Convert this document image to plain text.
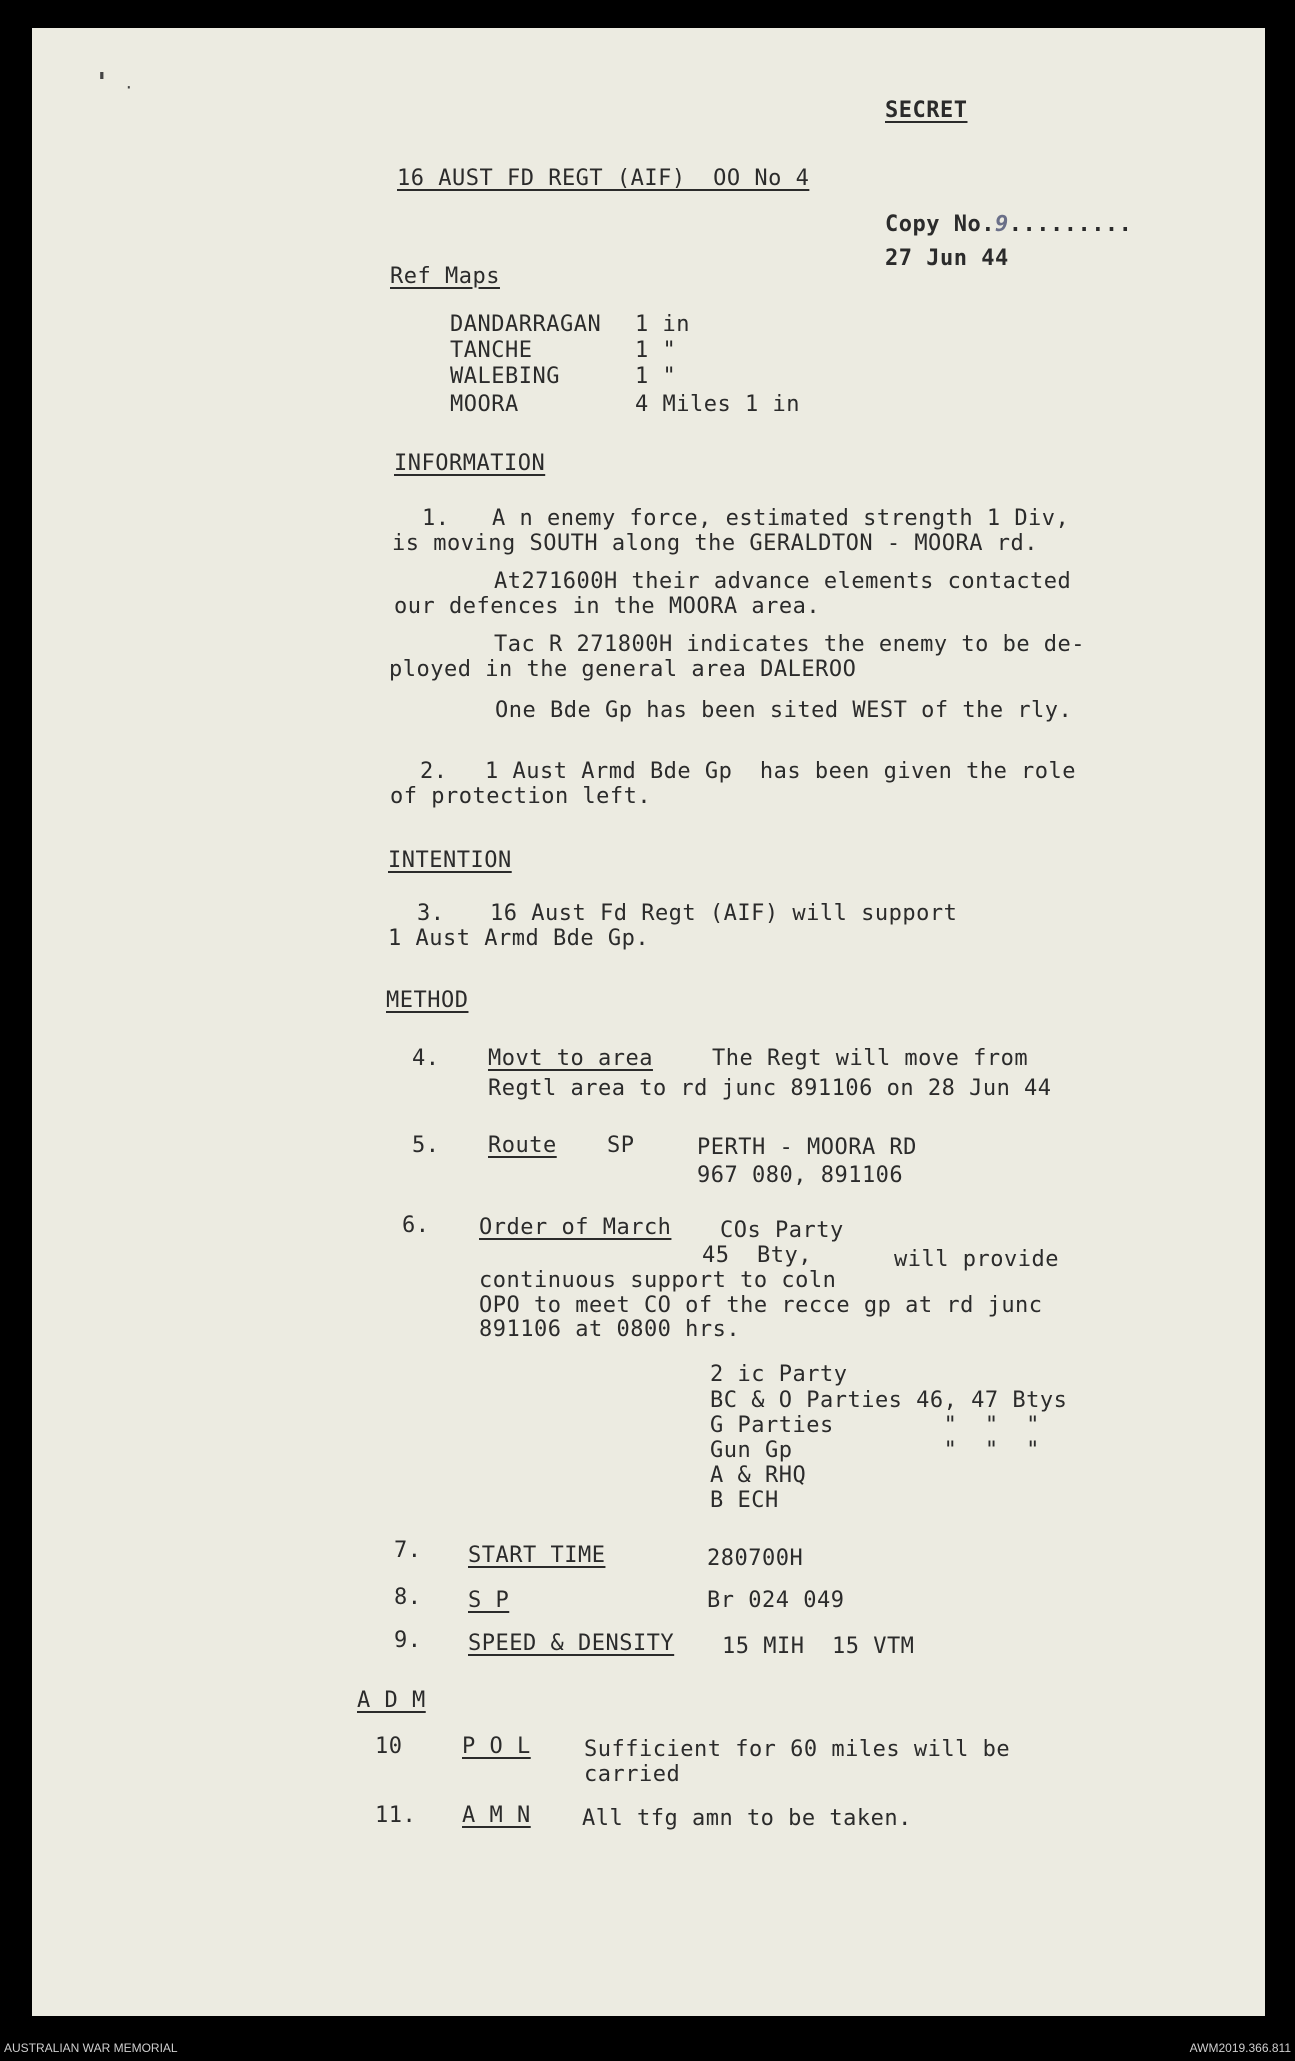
' ·
SECRET
16 AUST FD REGT (AIF)  OO No 4
Copy No.9.........
27 Jun 44
Ref Maps
DANDARRAGAN 1 in
TANCHE	1 "
WALEBING	1 "
MOORA	4 Miles 1 in
INFORMATION
1. A n enemy force, estimated strength 1 Div,
is moving SOUTH along the GERALDTON - MOORA rd.
At271600H their advance elements contacted
our defences in the MOORA area.
Tac R 271800H indicates the enemy to be de-
ployed in the general area DALEROO
One Bde Gp has been sited WEST of the rly.
2. 1 Aust Armd Bde Gp  has been given the role
of protection left.
INTENTION
3. 16 Aust Fd Regt (AIF) will support
1 Aust Armd Bde Gp.
METHOD
4. Movt to area	The Regt will move from
Regtl area to rd junc 891106 on 28 Jun 44
5. Route SP	PERTH - MOORA RD
967 080, 891106
6. Order of March COs Party
45  Bty,	will provide
continuous support to coln
OPO to meet CO of the recce gp at rd junc
891106 at 0800 hrs.
2 ic Party
BC & O Parties 46, 47 Btys
G Parties        "  "  "
Gun Gp           "  "  "
A & RHQ
B ECH
7. START TIME	280700H
8. S P	Br 024 049
9. SPEED & DENSITY 15 MIH  15 VTM
A D M
10	P O L Sufficient for 60 miles will be
carried
11. A M N All tfg amn to be taken.
AUSTRALIAN WAR MEMORIAL	AWM2019.366.811
